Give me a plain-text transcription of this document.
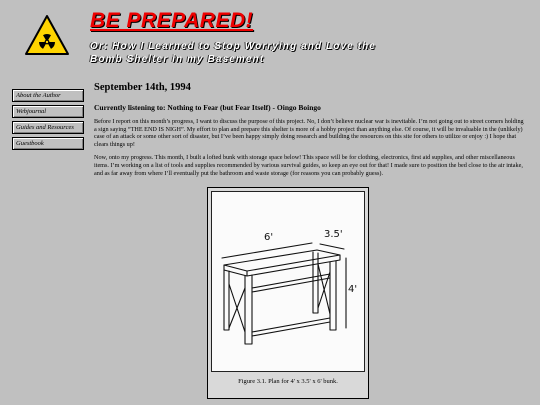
BE PREPARED!
Or: How I Learned to Stop Worrying and Love the Bomb Shelter in my Basement
About the Author
Webjournal
Guides and Resources
Guestbook
September 14th, 1994
Currently listening to: Nothing to Fear (but Fear Itself) - Oingo Boingo

Before I report on this month’s progress, I want to discuss the purpose of this project. No, I don’t believe nuclear war is inevitable. I’m not going out to street corners holding a sign saying “THE END IS NIGH”. My effort to plan and prepare this shelter is more of a hobby project than anything else. Of course, it will be invaluable in the (unlikely) case of an attack or some other sort of disaster, but I’ve been happy simply doing research and building the resources on this site for others to utilize or enjoy :) I hope that clears things up!

Now, onto my progress. This month, I built a lofted bunk with storage space below! This space will be for clothing, electronics, first aid supplies, and other miscellaneous items. I’m working on a list of tools and supplies recommended by various survival guides, so keep an eye out for that! I made sure to position the bed close to the air intake, and as far away from where I’ll eventually put the bathroom and waste storage (for reasons you can probably guess).

6'	3.5'
4'
Figure 3.1. Plan for 4' x 3.5' x 6' bunk.
